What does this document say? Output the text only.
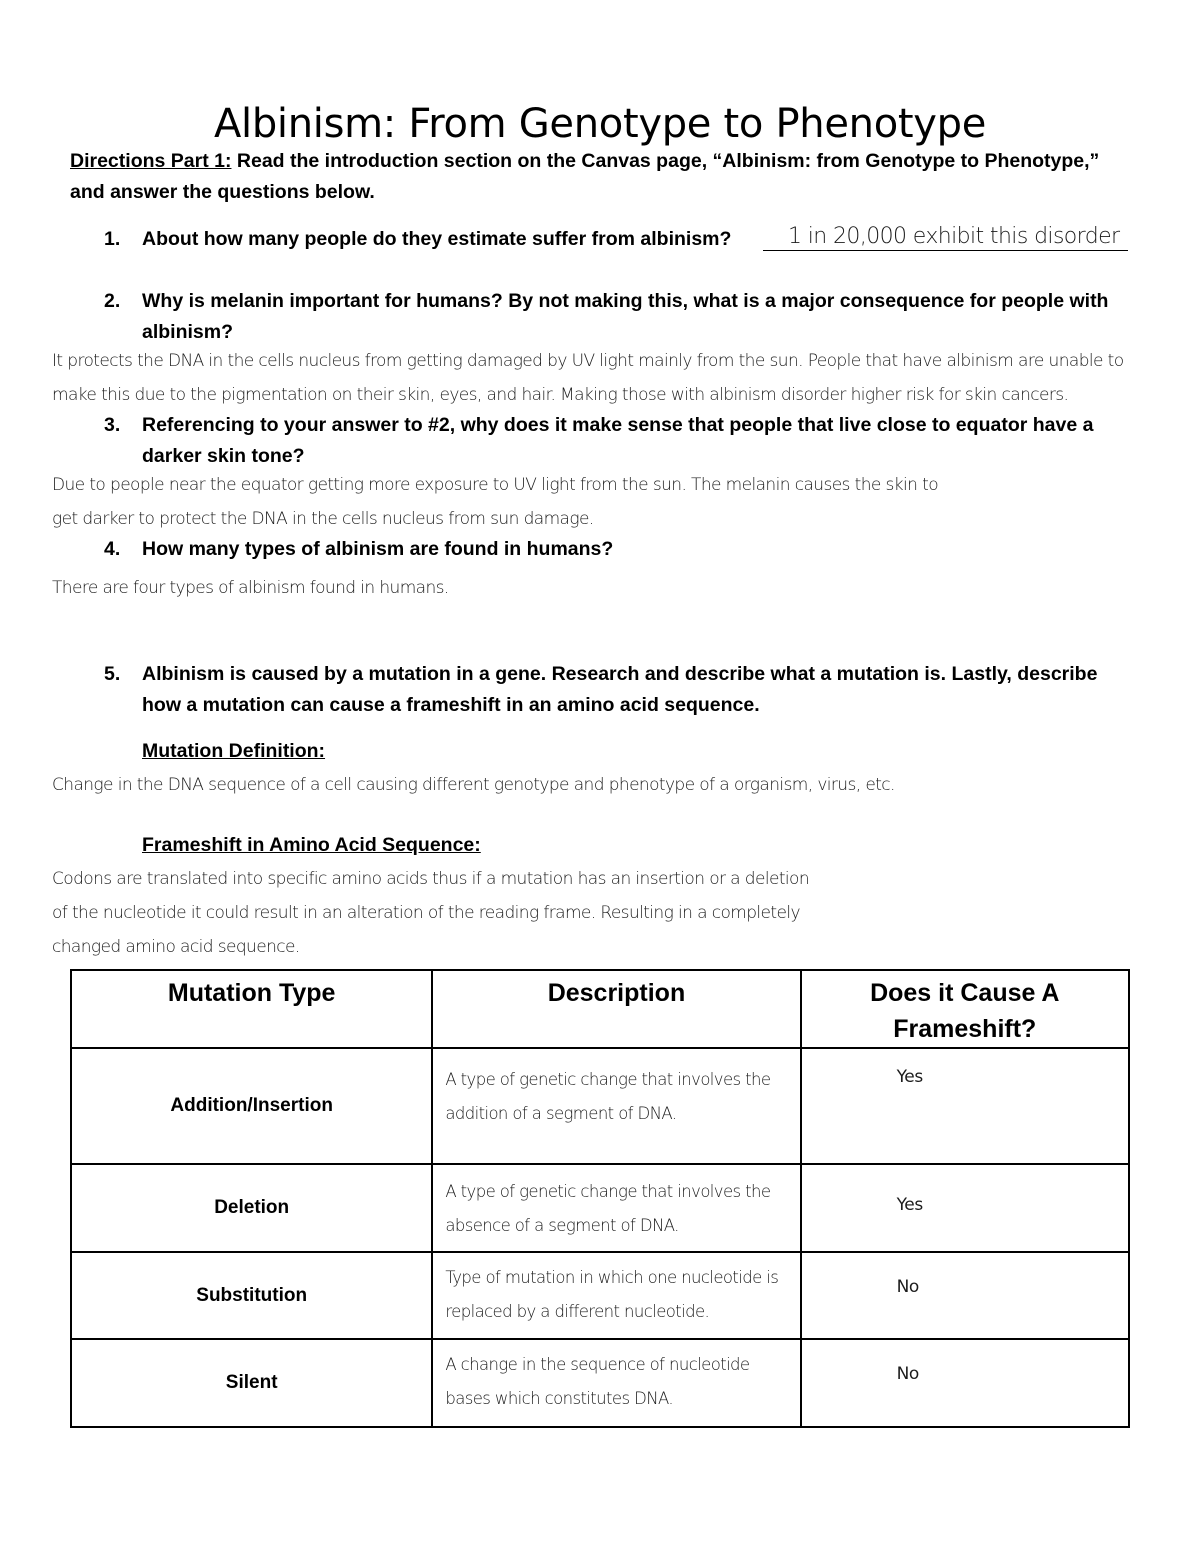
Albinism: From Genotype to Phenotype
Directions Part 1: Read the introduction section on the Canvas page, “Albinism: from Genotype to Phenotype,”
and answer the questions below.
1. About how many people do they estimate suffer from albinism?	1 in 20,000 exhibit this disorder
2. Why is melanin important for humans? By not making this, what is a major consequence for people with
albinism?
It protects the DNA in the cells nucleus from getting damaged by UV light mainly from the sun. People that have albinism are unable to
make this due to the pigmentation on their skin, eyes, and hair. Making those with albinism disorder higher risk for skin cancers.
3. Referencing to your answer to #2, why does it make sense that people that live close to equator have a
darker skin tone?
Due to people near the equator getting more exposure to UV light from the sun. The melanin causes the skin to
get darker to protect the DNA in the cells nucleus from sun damage.
4. How many types of albinism are found in humans?
There are four types of albinism found in humans.
5. Albinism is caused by a mutation in a gene. Research and describe what a mutation is. Lastly, describe
how a mutation can cause a frameshift in an amino acid sequence.
Mutation Definition:
Change in the DNA sequence of a cell causing different genotype and phenotype of a organism, virus, etc.
Frameshift in Amino Acid Sequence:
Codons are translated into specific amino acids thus if a mutation has an insertion or a deletion
of the nucleotide it could result in an alteration of the reading frame. Resulting in a completely
changed amino acid sequence.
Mutation Type	Description	Does it Cause A
Frameshift?

Addition/Insertion	A type of genetic change that involves the
addition of a segment of DNA.	Yes
Deletion	A type of genetic change that involves the
absence of a segment of DNA.	Yes
Substitution	Type of mutation in which one nucleotide is
replaced by a different nucleotide.	No
Silent	A change in the sequence of nucleotide
bases which constitutes DNA.	No
